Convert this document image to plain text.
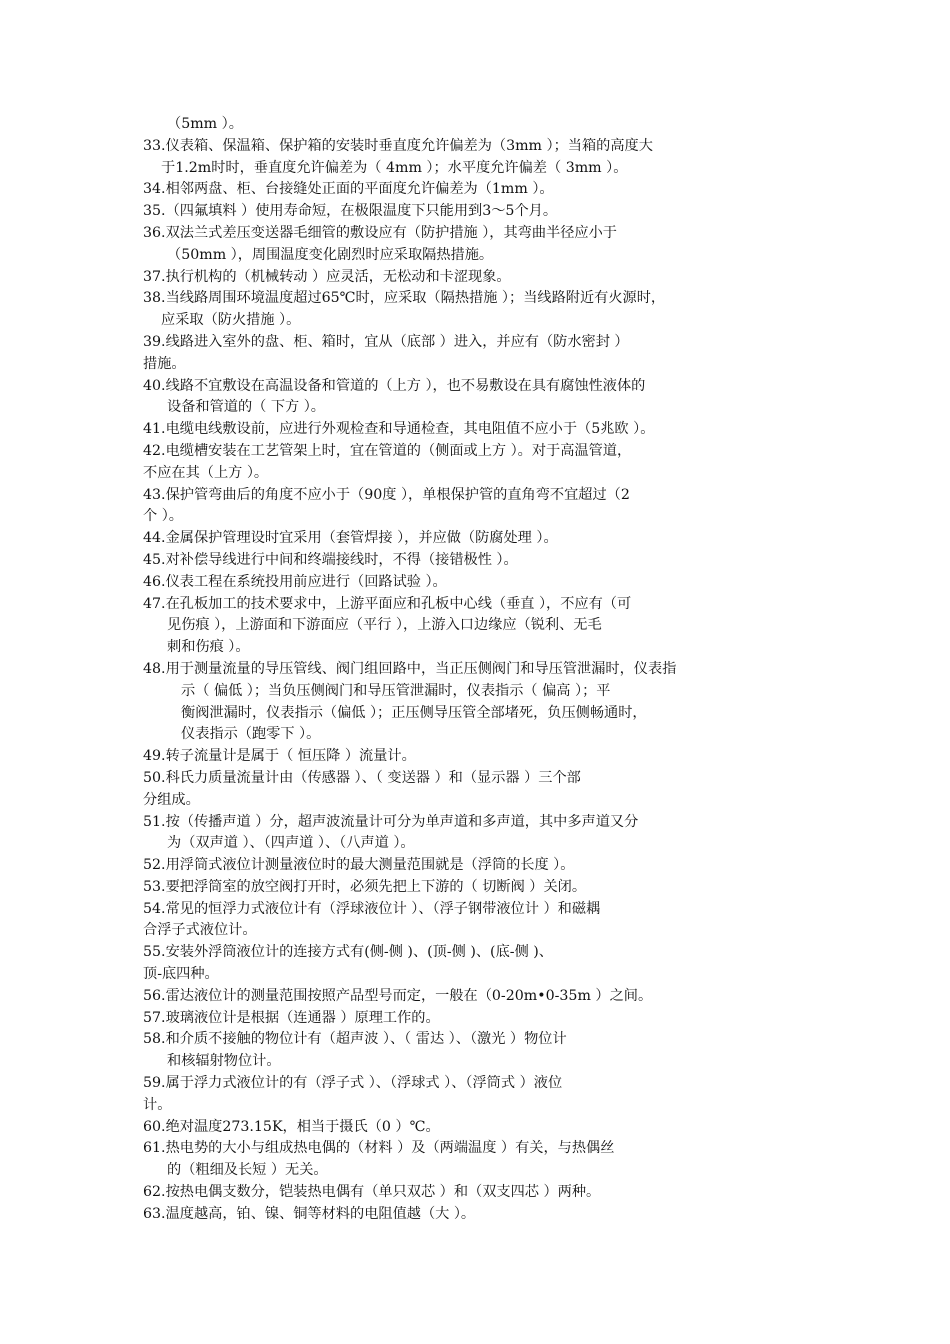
（5mm ）。
33.仪表箱、保温箱、保护箱的安装时垂直度允许偏差为（3mm ）；当箱的高度大
于1.2m时时，垂直度允许偏差为（ 4mm ）；水平度允许偏差（ 3mm ）。
34.相邻两盘、柜、台接缝处正面的平面度允许偏差为（1mm ）。
35.（四氟填料 ）使用寿命短，在极限温度下只能用到3～5个月。
36.双法兰式差压变送器毛细管的敷设应有（防护措施 ），其弯曲半径应小于
（50mm ），周围温度变化剧烈时应采取隔热措施。
37.执行机构的（机械转动 ）应灵活，无松动和卡涩现象。
38.当线路周围环境温度超过65℃时，应采取（隔热措施 ）；当线路附近有火源时，
应采取（防火措施 ）。
39.线路进入室外的盘、柜、箱时，宜从（底部 ）进入，并应有（防水密封 ）
措施。
40.线路不宜敷设在高温设备和管道的（上方 ），也不易敷设在具有腐蚀性液体的
设备和管道的（ 下方 ）。
41.电缆电线敷设前，应进行外观检查和导通检查，其电阻值不应小于（5兆欧 ）。
42.电缆槽安装在工艺管架上时，宜在管道的（侧面或上方 ）。对于高温管道，
不应在其（上方 ）。
43.保护管弯曲后的角度不应小于（90度 ），单根保护管的直角弯不宜超过（2
个 ）。
44.金属保护管理设时宜采用（套管焊接 ），并应做（防腐处理 ）。
45.对补偿导线进行中间和终端接线时，不得（接错极性 ）。
46.仪表工程在系统投用前应进行（回路试验 ）。
47.在孔板加工的技术要求中，上游平面应和孔板中心线（垂直 ），不应有（可
见伤痕 ），上游面和下游面应（平行 ），上游入口边缘应（锐利、无毛
刺和伤痕 ）。
48.用于测量流量的导压管线、阀门组回路中，当正压侧阀门和导压管泄漏时，仪表指
示（ 偏低 ）；当负压侧阀门和导压管泄漏时，仪表指示（ 偏高 ）；平
衡阀泄漏时，仪表指示（偏低 ）；正压侧导压管全部堵死，负压侧畅通时，
仪表指示（跑零下 ）。
49.转子流量计是属于（ 恒压降 ）流量计。
50.科氏力质量流量计由（传感器 ）、（ 变送器 ）和（显示器 ）三个部
分组成。
51.按（传播声道 ）分，超声波流量计可分为单声道和多声道，其中多声道又分
为（双声道 ）、（四声道 ）、（八声道 ）。
52.用浮筒式液位计测量液位时的最大测量范围就是（浮筒的长度 ）。
53.要把浮筒室的放空阀打开时，必须先把上下游的（ 切断阀 ）关闭。
54.常见的恒浮力式液位计有（浮球液位计 ）、（浮子钢带液位计 ）和磁耦
合浮子式液位计。
55.安装外浮筒液位计的连接方式有(侧-侧 )、(顶-侧 )、(底-侧 )、
顶-底四种。
56.雷达液位计的测量范围按照产品型号而定，一般在（0-20m•0-35m ）之间。
57.玻璃液位计是根据（连通器 ）原理工作的。
58.和介质不接触的物位计有（超声波 ）、（ 雷达 ）、（激光 ）物位计
和核辐射物位计。
59.属于浮力式液位计的有（浮子式 ）、（浮球式 ）、（浮筒式 ）液位
计。
60.绝对温度273.15K，相当于摄氏（0 ）℃。
61.热电势的大小与组成热电偶的（材料 ）及（两端温度 ）有关，与热偶丝
的（粗细及长短 ）无关。
62.按热电偶支数分，铠装热电偶有（单只双芯 ）和（双支四芯 ）两种。
63.温度越高，铂、镍、铜等材料的电阻值越（大 ）。
